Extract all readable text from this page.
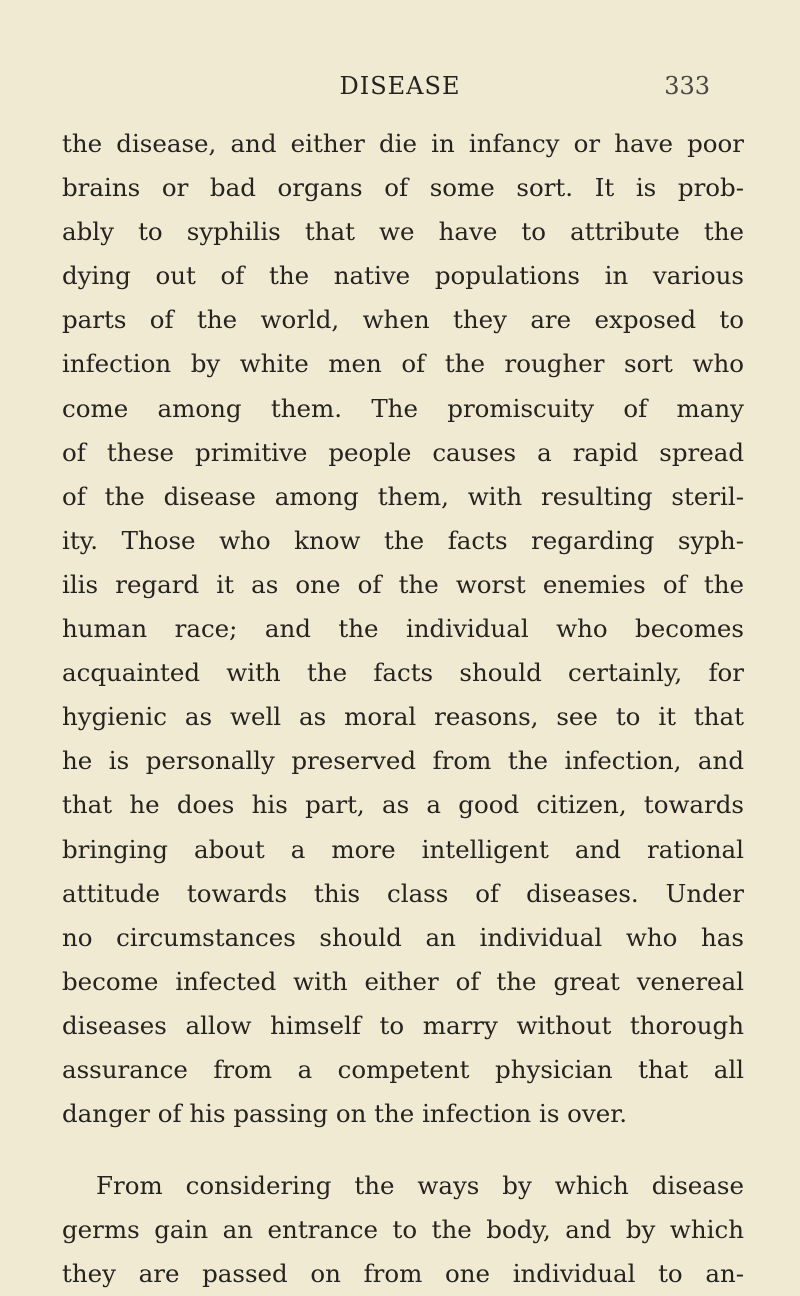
DISEASE	333
the disease, and either die in infancy or have poor
brains or bad organs of some sort. It is prob-
ably to syphilis that we have to attribute the
dying out of the native populations in various
parts of the world, when they are exposed to
infection by white men of the rougher sort who
come among them. The promiscuity of many
of these primitive people causes a rapid spread
of the disease among them, with resulting steril-
ity. Those who know the facts regarding syph-
ilis regard it as one of the worst enemies of the
human race; and the individual who becomes
acquainted with the facts should certainly, for
hygienic as well as moral reasons, see to it that
he is personally preserved from the infection, and
that he does his part, as a good citizen, towards
bringing about a more intelligent and rational
attitude towards this class of diseases. Under
no circumstances should an individual who has
become infected with either of the great venereal
diseases allow himself to marry without thorough
assurance from a competent physician that all
danger of his passing on the infection is over.
From considering the ways by which disease
germs gain an entrance to the body, and by which
they are passed on from one individual to an-
